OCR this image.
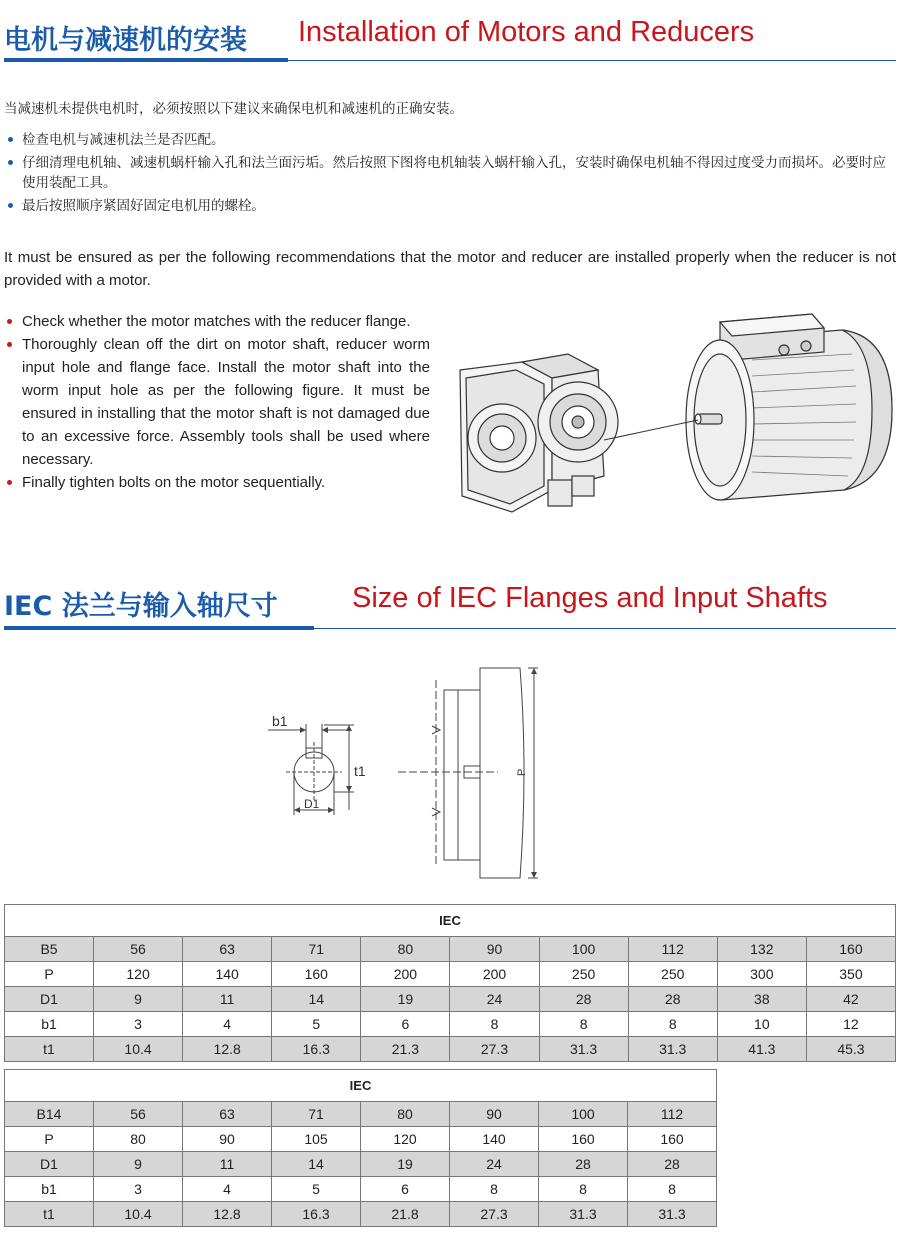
电机与减速机的安装 Installation of Motors and Reducers
当减速机未提供电机时，必须按照以下建议来确保电机和减速机的正确安装。
检查电机与减速机法兰是否匹配。
仔细清理电机轴、减速机蜗杆输入孔和法兰面污垢。然后按照下图将电机轴装入蜗杆输入孔，安装时确保电机轴不得因过度受力而损坏。必要时应使用装配工具。
最后按照顺序紧固好固定电机用的螺栓。
It must be ensured as per the following recommendations that the motor and reducer are installed properly when the reducer is not provided with a motor.
Check whether the motor matches with the reducer flange.
Thoroughly clean off the dirt on motor shaft, reducer worm input hole and flange face. Install the motor shaft into the worm input hole as per the following figure. It must be ensured in installing that the motor shaft is not damaged due to an excessive force. Assembly tools shall be used where necessary.
Finally tighten bolts on the motor sequentially.
IEC 法兰与输入轴尺寸	Size of IEC Flanges and Input Shafts
b1
t1
D1
P
IEC									
B5	56	63	71	80	90	100	112	132	160
P	120	140	160	200	200	250	250	300	350
D1	9	11	14	19	24	28	28	38	42
b1	3	4	5	6	8	8	8	10	12
t1	10.4	12.8	16.3	21.3	27.3	31.3	31.3	41.3	45.3
IEC							
B14	56	63	71	80	90	100	112
P	80	90	105	120	140	160	160
D1	9	11	14	19	24	28	28
b1	3	4	5	6	8	8	8
t1	10.4	12.8	16.3	21.8	27.3	31.3	31.3
